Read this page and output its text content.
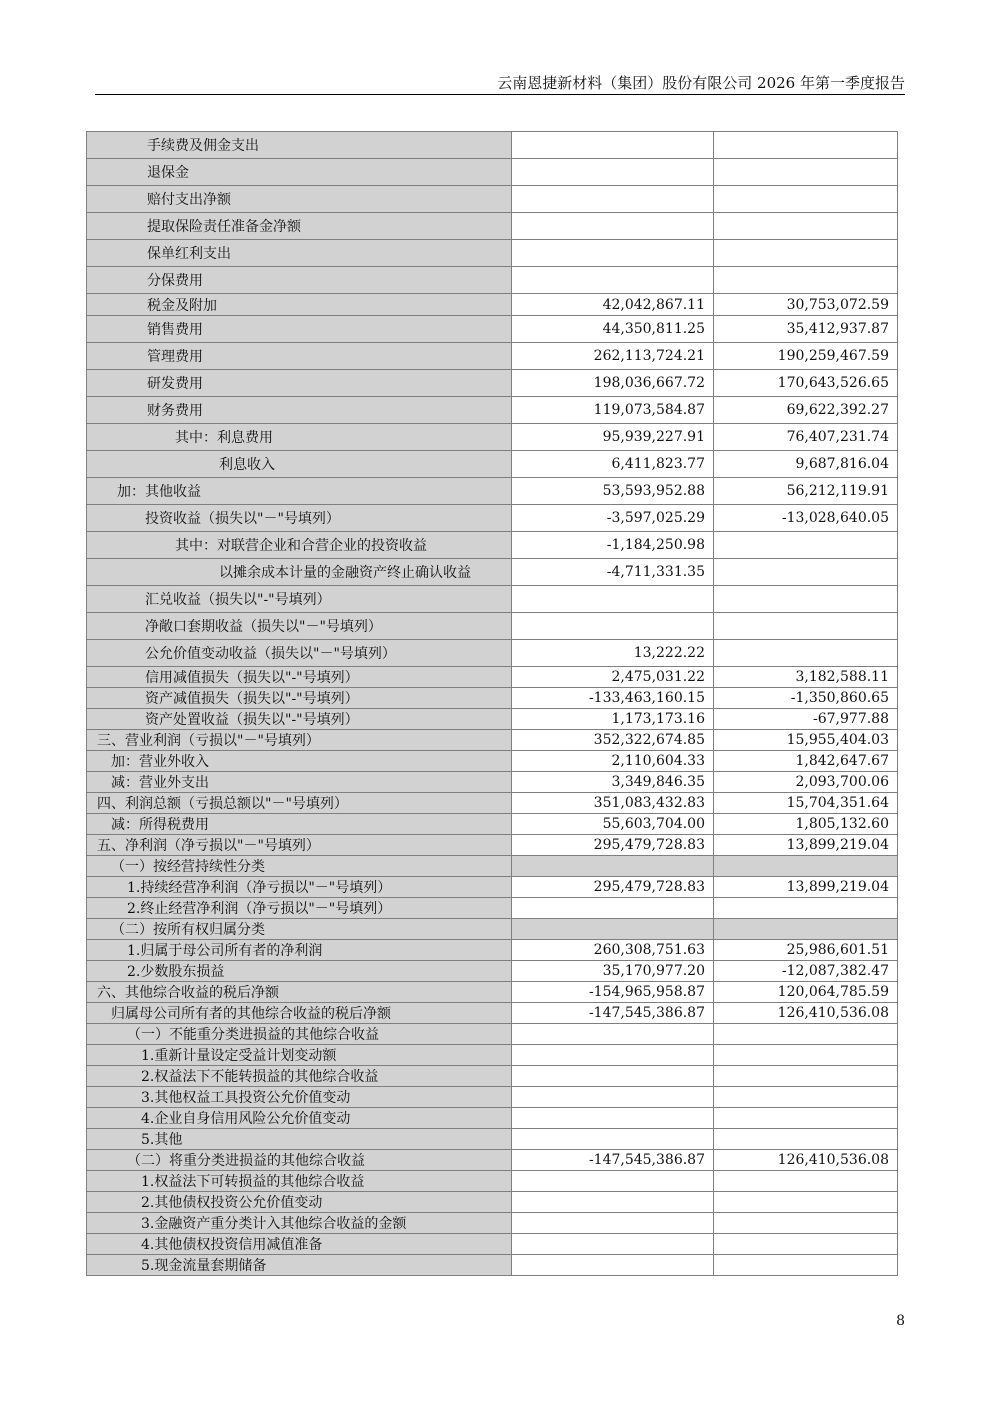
云南恩捷新材料（集团）股份有限公司 2026 年第一季度报告
手续费及佣金支出		
退保金		
赔付支出净额		
提取保险责任准备金净额		
保单红利支出		
分保费用		
税金及附加	42,042,867.11	30,753,072.59
销售费用	44,350,811.25	35,412,937.87
管理费用	262,113,724.21	190,259,467.59
研发费用	198,036,667.72	170,643,526.65
财务费用	119,073,584.87	69,622,392.27
其中：利息费用	95,939,227.91	76,407,231.74
利息收入	6,411,823.77	9,687,816.04
加：其他收益	53,593,952.88	56,212,119.91
投资收益（损失以"－"号填列）	-3,597,025.29	-13,028,640.05
其中：对联营企业和合营企业的投资收益	-1,184,250.98	
以摊余成本计量的金融资产终止确认收益	-4,711,331.35	
汇兑收益（损失以"-"号填列）		
净敞口套期收益（损失以"－"号填列）		
公允价值变动收益（损失以"－"号填列）	13,222.22	
信用减值损失（损失以"-"号填列）	2,475,031.22	3,182,588.11
资产减值损失（损失以"-"号填列）	-133,463,160.15	-1,350,860.65
资产处置收益（损失以"-"号填列）	1,173,173.16	-67,977.88
三、营业利润（亏损以"－"号填列）	352,322,674.85	15,955,404.03
加：营业外收入	2,110,604.33	1,842,647.67
减：营业外支出	3,349,846.35	2,093,700.06
四、利润总额（亏损总额以"－"号填列）	351,083,432.83	15,704,351.64
减：所得税费用	55,603,704.00	1,805,132.60
五、净利润（净亏损以"－"号填列）	295,479,728.83	13,899,219.04
（一）按经营持续性分类		
1.持续经营净利润（净亏损以"－"号填列）	295,479,728.83	13,899,219.04
2.终止经营净利润（净亏损以"－"号填列）		
（二）按所有权归属分类		
1.归属于母公司所有者的净利润	260,308,751.63	25,986,601.51
2.少数股东损益	35,170,977.20	-12,087,382.47
六、其他综合收益的税后净额	-154,965,958.87	120,064,785.59
归属母公司所有者的其他综合收益的税后净额	-147,545,386.87	126,410,536.08
（一）不能重分类进损益的其他综合收益		
1.重新计量设定受益计划变动额		
2.权益法下不能转损益的其他综合收益		
3.其他权益工具投资公允价值变动		
4.企业自身信用风险公允价值变动		
5.其他		
（二）将重分类进损益的其他综合收益	-147,545,386.87	126,410,536.08
1.权益法下可转损益的其他综合收益		
2.其他债权投资公允价值变动		
3.金融资产重分类计入其他综合收益的金额		
4.其他债权投资信用减值准备		
5.现金流量套期储备		
8
